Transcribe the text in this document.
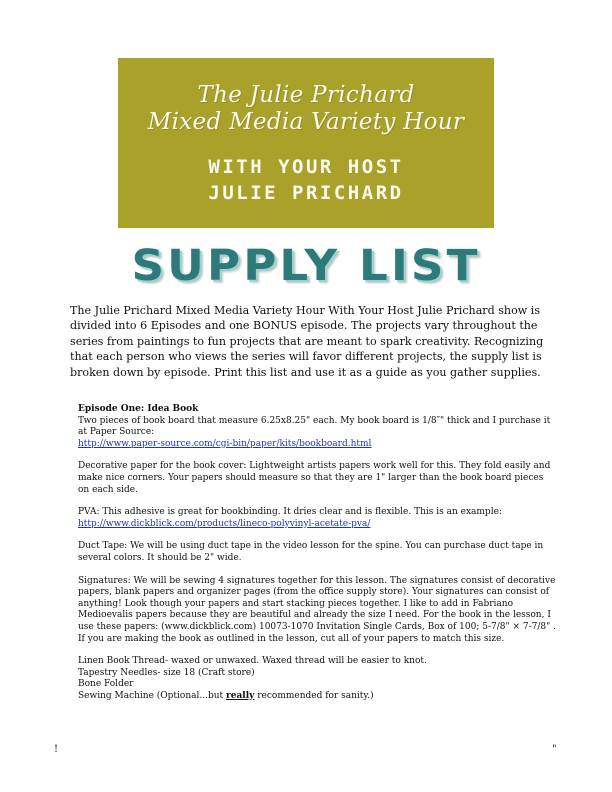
The Julie Prichard
Mixed Media Variety Hour
WITH YOUR HOST
JULIE PRICHARD
SUPPLY LIST
The Julie Prichard Mixed Media Variety Hour With Your Host Julie Prichard show is divided into 6 Episodes and one BONUS episode. The projects vary throughout the series from paintings to fun projects that are meant to spark creativity. Recognizing that each person who views the series will favor different projects, the supply list is broken down by episode. Print this list and use it as a guide as you gather supplies.
Episode One: Idea Book

Two pieces of book board that measure 6.25x8.25" each. My book board is 1/8″" thick and I purchase it at Paper Source:
http://www.paper-source.com/cgi-bin/paper/kits/bookboard.html

Decorative paper for the book cover: Lightweight artists papers work well for this. They fold easily and make nice corners. Your papers should measure so that they are 1" larger than the book board pieces on each side.

PVA: This adhesive is great for bookbinding. It dries clear and is flexible. This is an example:
http://www.dickblick.com/products/lineco-polyvinyl-acetate-pva/

Duct Tape: We will be using duct tape in the video lesson for the spine. You can purchase duct tape in several colors. It should be 2" wide.

Signatures: We will be sewing 4 signatures together for this lesson. The signatures consist of decorative papers, blank papers and organizer pages (from the office supply store). Your signatures can consist of anything! Look though your papers and start stacking pieces together. I like to add in Fabriano Medioevalis papers because they are beautiful and already the size I need. For the book in the lesson, I use these papers: (www.dickblick.com) 10073-1070 Invitation Single Cards, Box of 100; 5-7/8" × 7-7/8" . If you are making the book as outlined in the lesson, cut all of your papers to match this size.

Linen Book Thread- waxed or unwaxed. Waxed thread will be easier to knot.
Tapestry Needles- size 18 (Craft store)
Bone Folder
Sewing Machine (Optional...but really recommended for sanity.)
!	"
